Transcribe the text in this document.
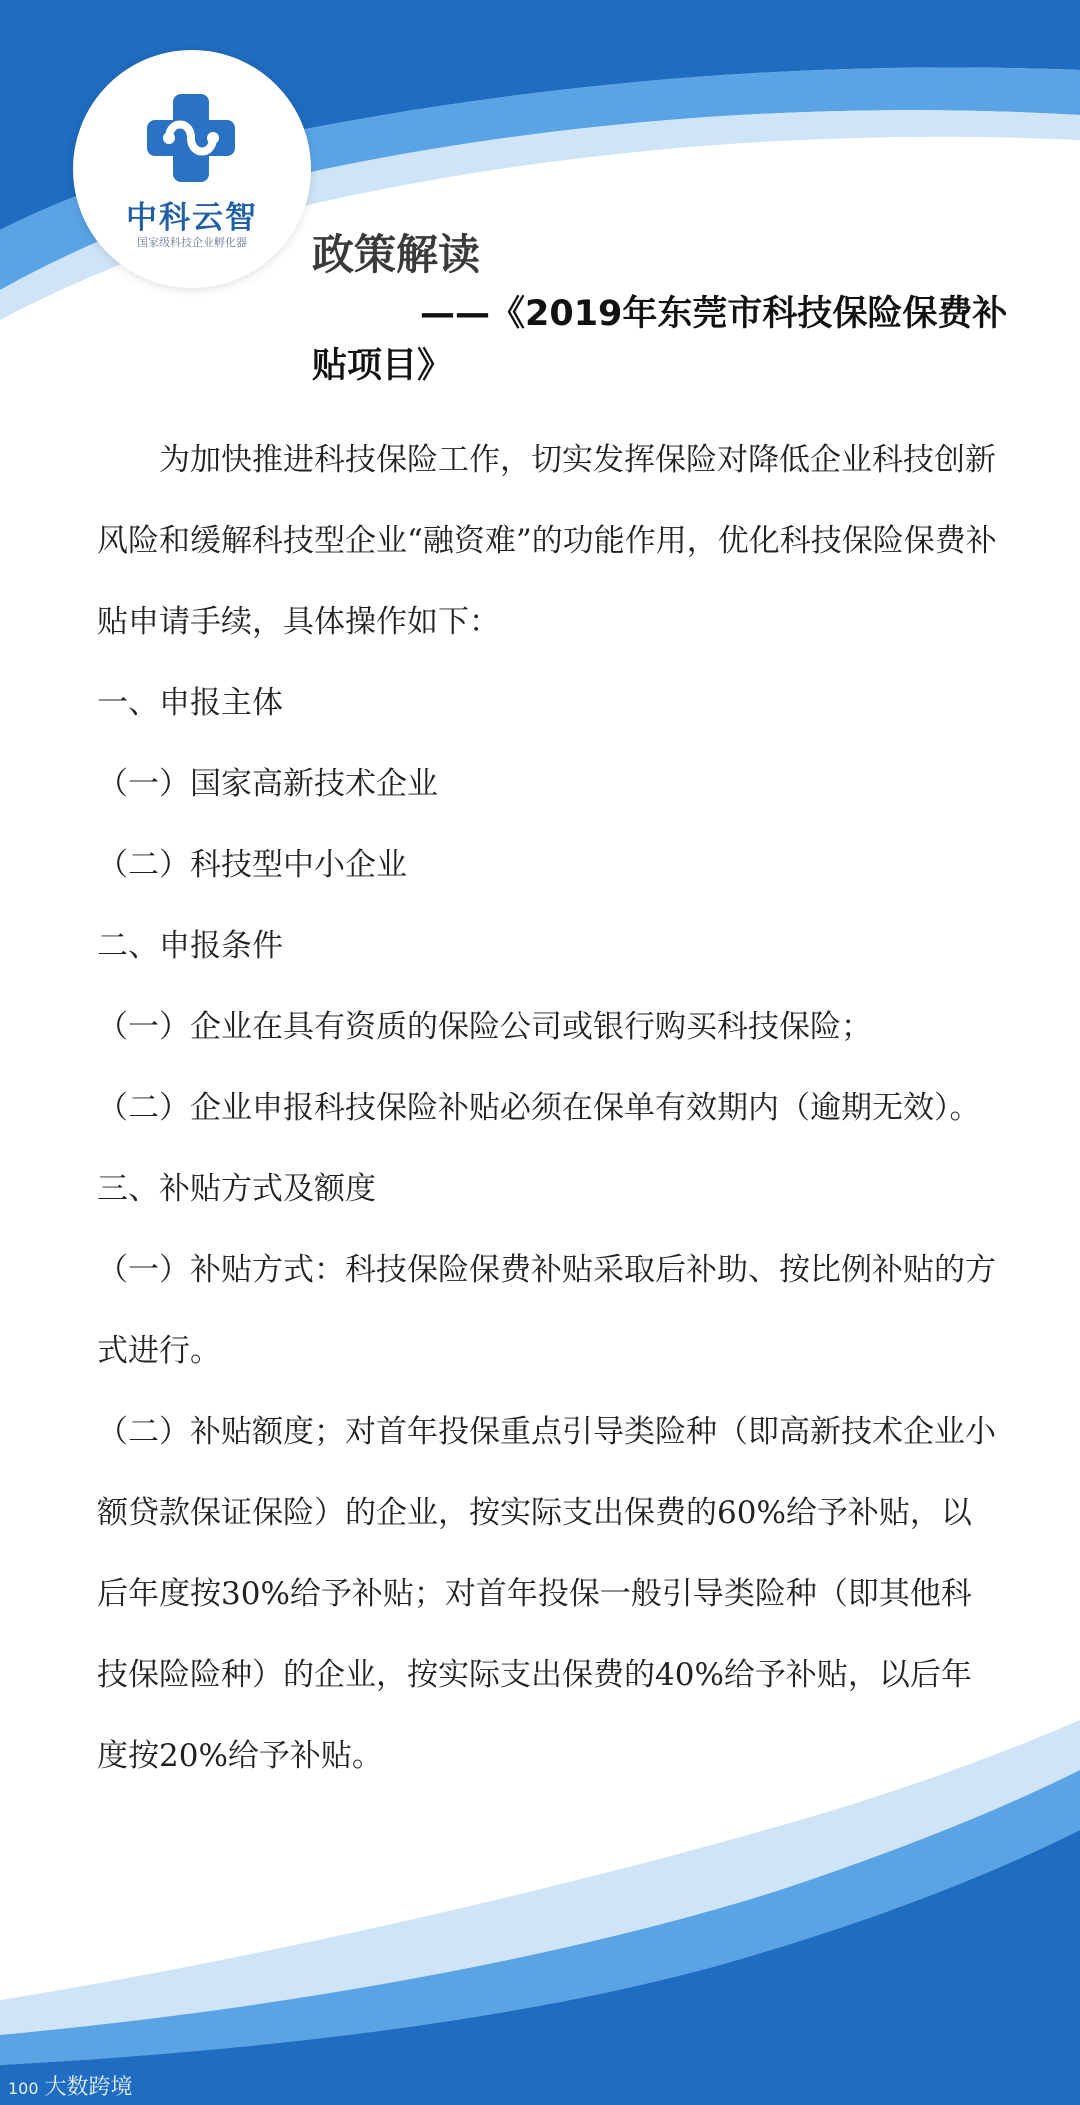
中科云智
国家级科技企业孵化器	政策解读
——《2019年东莞市科技保险保费补贴项目》

为加快推进科技保险工作，切实发挥保险对降低企业科技创新风险和缓解科技型企业“融资难”的功能作用，优化科技保险保费补贴申请手续，具体操作如下：

一、申报主体

（一）国家高新技术企业

（二）科技型中小企业

二、申报条件

（一）企业在具有资质的保险公司或银行购买科技保险；

（二）企业申报科技保险补贴必须在保单有效期内（逾期无效）。

三、补贴方式及额度

（一）补贴方式：科技保险保费补贴采取后补助、按比例补贴的方式进行。

（二）补贴额度；对首年投保重点引导类险种（即高新技术企业小额贷款保证保险）的企业，按实际支出保费的60%给予补贴，以后年度按30%给予补贴；对首年投保一般引导类险种（即其他科技保险险种）的企业，按实际支出保费的40%给予补贴，以后年度按20%给予补贴。

100 大数跨境
